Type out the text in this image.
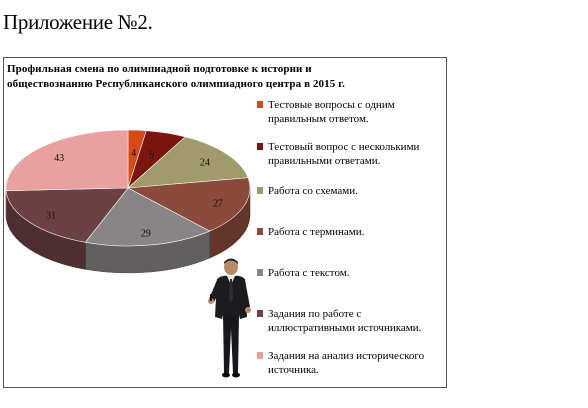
Приложение №2.
Профильная смена по олимпиадной подготовке к истории и обществознанию Республиканского олимпиадного центра в 2015 г.
4 9
24
27
29
31
43
Тестовые вопросы с одним правильным ответом.
Тестовый вопрос с несколькими правильными ответами.
Работа со схемами.
Работа с терминами.
Работа с текстом.
Задания по работе с иллюстративными источниками.
Задания на анализ исторического источника.
